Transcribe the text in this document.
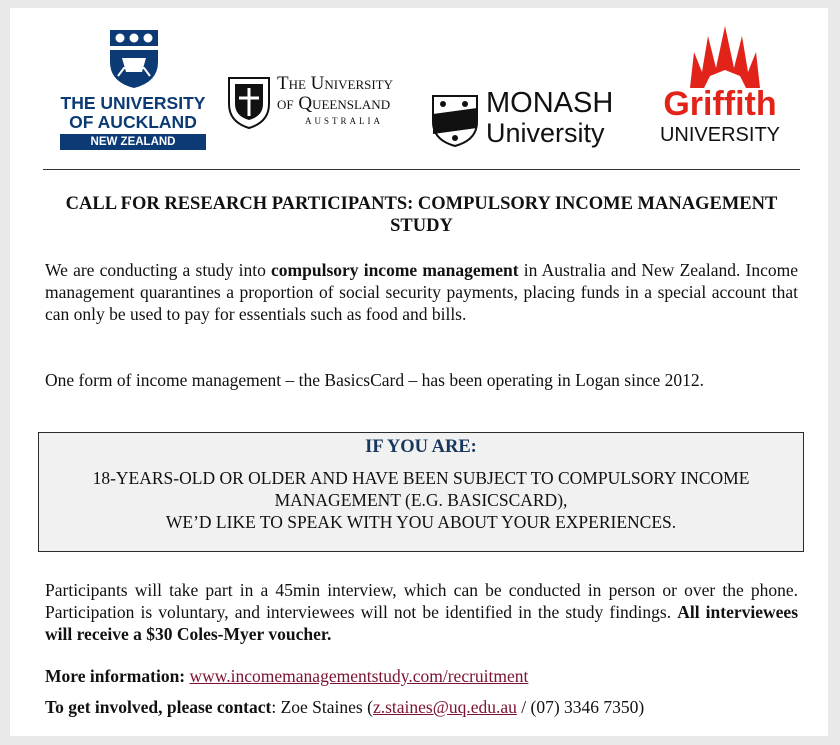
THE UNIVERSITY
OF AUCKLAND
NEW ZEALAND
The University
of Queensland
AUSTRALIA
MONASH
University
Griffith
UNIVERSITY
CALL FOR RESEARCH PARTICIPANTS: COMPULSORY INCOME MANAGEMENT STUDY
We are conducting a study into compulsory income management in Australia and New Zealand. Income management quarantines a proportion of social security payments, placing funds in a special account that can only be used to pay for essentials such as food and bills.
One form of income management – the BasicsCard – has been operating in Logan since 2012.
IF YOU ARE:
18-YEARS-OLD OR OLDER AND HAVE BEEN SUBJECT TO COMPULSORY INCOME MANAGEMENT (E.G. BASICSCARD),
WE’D LIKE TO SPEAK WITH YOU ABOUT YOUR EXPERIENCES.
Participants will take part in a 45min interview, which can be conducted in person or over the phone. Participation is voluntary, and interviewees will not be identified in the study findings. All interviewees will receive a $30 Coles-Myer voucher.
More information: www.incomemanagementstudy.com/recruitment
To get involved, please contact: Zoe Staines (z.staines@uq.edu.au / (07) 3346 7350)
